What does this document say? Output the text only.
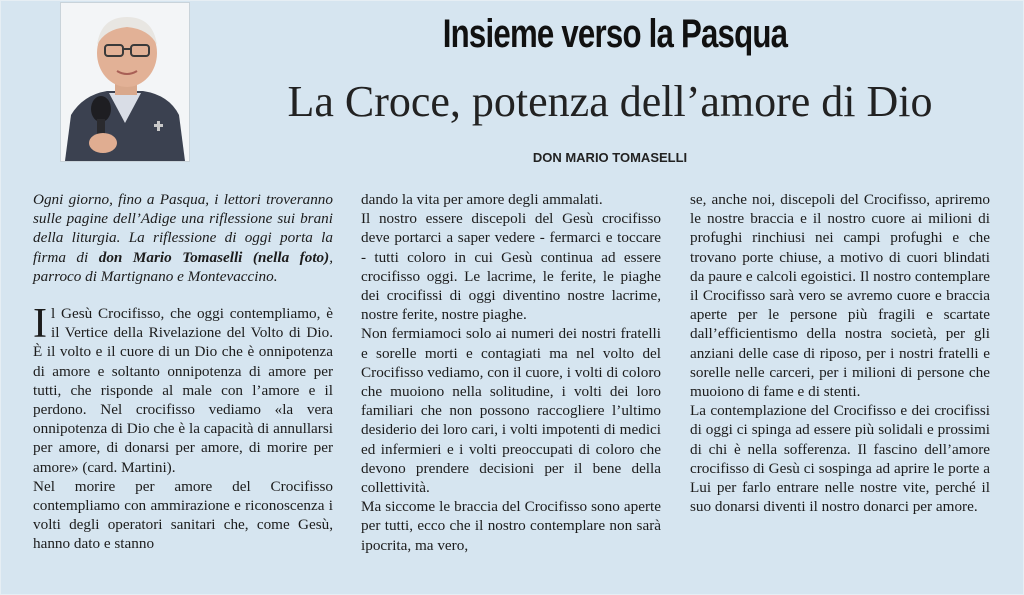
Insieme verso la Pasqua
La Croce, potenza dell’amore di Dio
DON MARIO TOMASELLI

Ogni giorno, fino a Pasqua, i lettori troveranno sulle pagine dell’Adige una riflessione sui brani della liturgia. La riflessione di oggi porta la firma di don Mario Tomaselli (nella foto), parroco di Martignano e Montevaccino.

Il Gesù Crocifisso, che oggi contempliamo, è il Vertice della Rivelazione del Volto di Dio. È il volto e il cuore di un Dio che è onnipotenza di amore e soltanto onnipotenza di amore per tutti, che risponde al male con l’amore e il perdono. Nel crocifisso vediamo «la vera onnipotenza di Dio che è la capacità di annullarsi per amore, di donarsi per amore, di morire per amore» (card. Martini).

Nel morire per amore del Crocifisso contempliamo con ammirazione e riconoscenza i volti degli operatori sanitari che, come Gesù, hanno dato e stanno

dando la vita per amore degli ammalati.

Il nostro essere discepoli del Gesù crocifisso deve portarci a saper vedere - fermarci e toccare - tutti coloro in cui Gesù continua ad essere crocifisso oggi. Le lacrime, le ferite, le piaghe dei crocifissi di oggi diventino nostre lacrime, nostre ferite, nostre piaghe.

Non fermiamoci solo ai numeri dei nostri fratelli e sorelle morti e contagiati ma nel volto del Crocifisso vediamo, con il cuore, i volti di coloro che muoiono nella solitudine, i volti dei loro familiari che non possono raccogliere l’ultimo desiderio dei loro cari, i volti impotenti di medici ed infermieri e i volti preoccupati di coloro che devono prendere decisioni per il bene della collettività.

Ma siccome le braccia del Crocifisso sono aperte per tutti, ecco che il nostro contemplare non sarà ipocrita, ma vero,

se, anche noi, discepoli del Crocifisso, apriremo le nostre braccia e il nostro cuore ai milioni di profughi rinchiusi nei campi profughi e che trovano porte chiuse, a motivo di cuori blindati da paure e calcoli egoistici. Il nostro contemplare il Crocifisso sarà vero se avremo cuore e braccia aperte per le persone più fragili e scartate dall’efficientismo della nostra società, per gli anziani delle case di riposo, per i nostri fratelli e sorelle nelle carceri, per i milioni di persone che muoiono di fame e di stenti.

La contemplazione del Crocifisso e dei crocifissi di oggi ci spinga ad essere più solidali e prossimi di chi è nella sofferenza. Il fascino dell’amore crocifisso di Gesù ci sospinga ad aprire le porte a Lui per farlo entrare nelle nostre vite, perché il suo donarsi diventi il nostro donarci per amore.
